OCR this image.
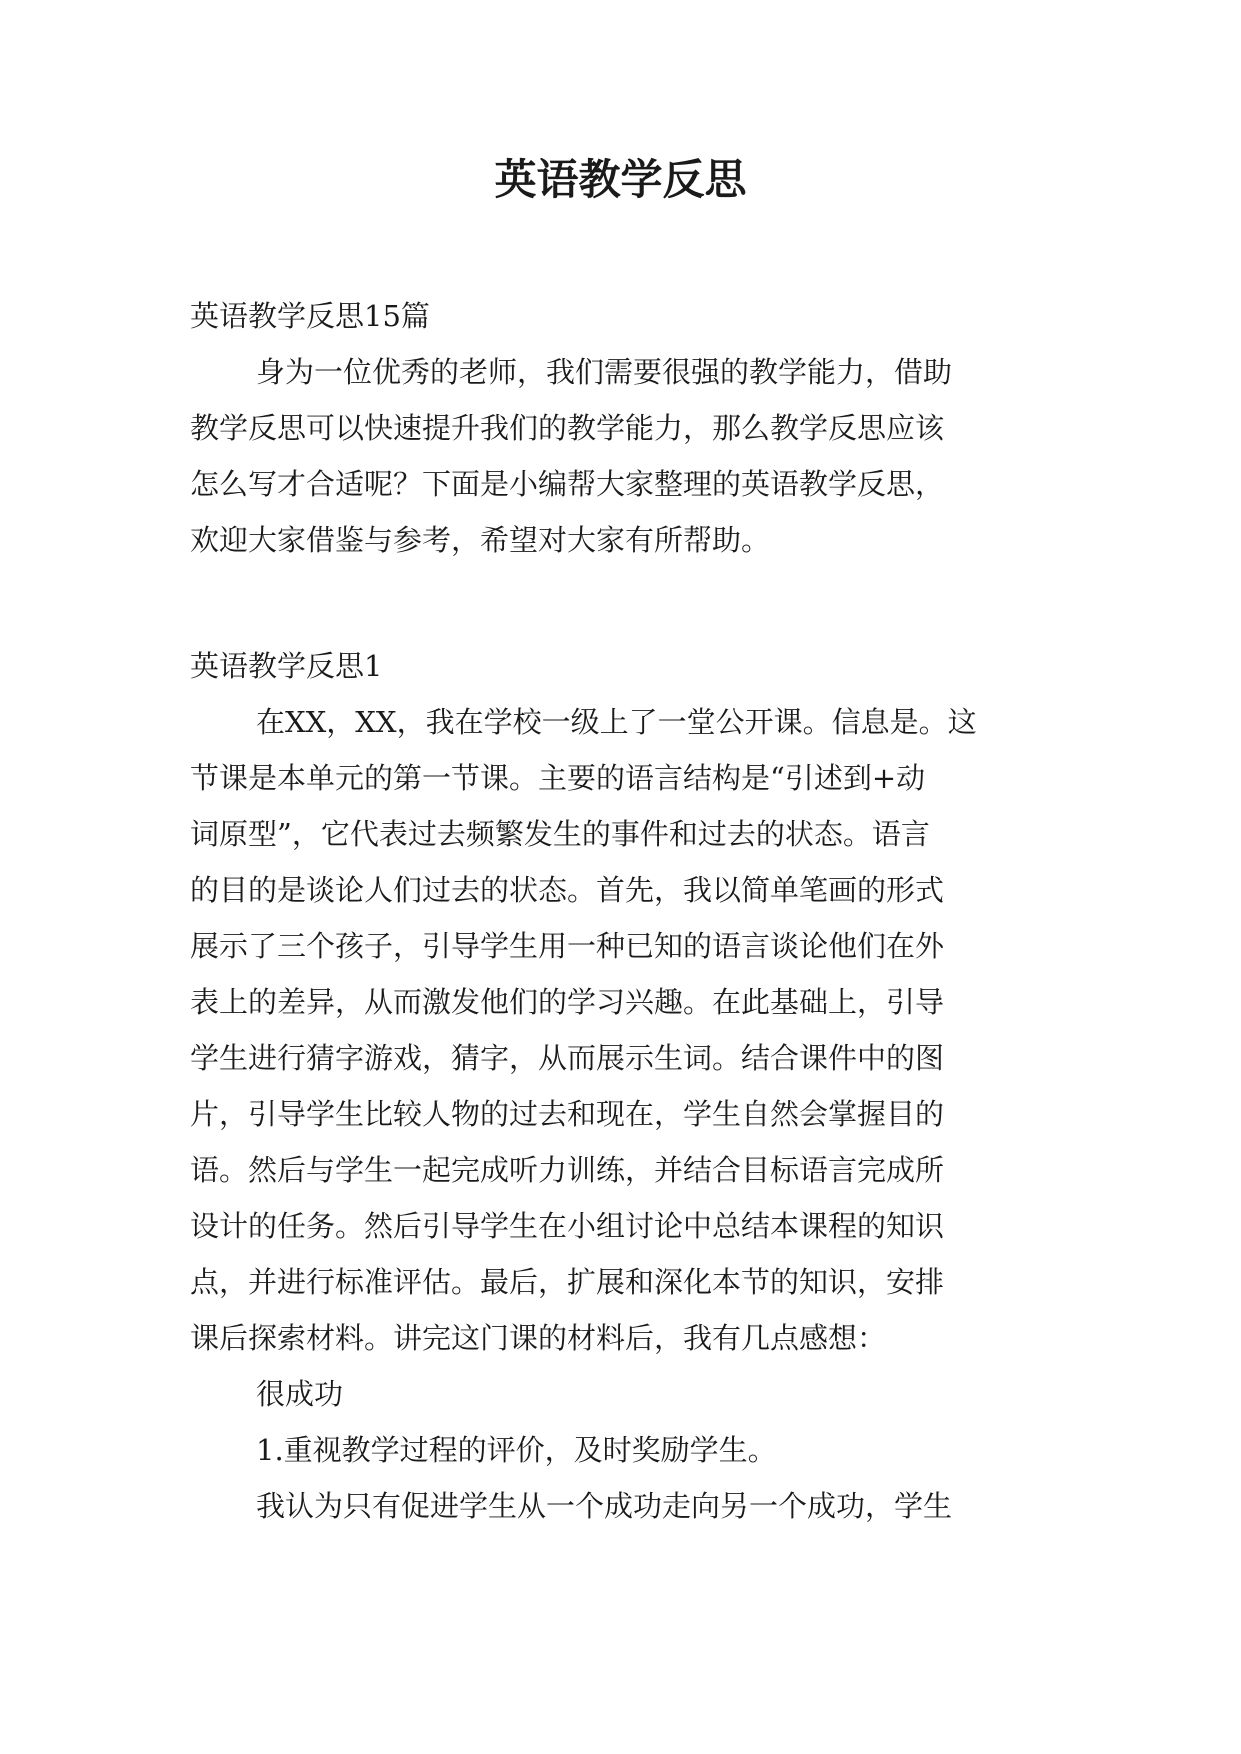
英语教学反思

英语教学反思15篇

身为一位优秀的老师，我们需要很强的教学能力，借助

教学反思可以快速提升我们的教学能力，那么教学反思应该

怎么写才合适呢？下面是小编帮大家整理的英语教学反思，

欢迎大家借鉴与参考，希望对大家有所帮助。

英语教学反思1

在XX，XX，我在学校一级上了一堂公开课。信息是。这

节课是本单元的第一节课。主要的语言结构是“引述到+动

词原型”，它代表过去频繁发生的事件和过去的状态。语言

的目的是谈论人们过去的状态。首先，我以简单笔画的形式

展示了三个孩子，引导学生用一种已知的语言谈论他们在外

表上的差异，从而激发他们的学习兴趣。在此基础上，引导

学生进行猜字游戏，猜字，从而展示生词。结合课件中的图

片，引导学生比较人物的过去和现在，学生自然会掌握目的

语。然后与学生一起完成听力训练，并结合目标语言完成所

设计的任务。然后引导学生在小组讨论中总结本课程的知识

点，并进行标准评估。最后，扩展和深化本节的知识，安排

课后探索材料。讲完这门课的材料后，我有几点感想：

很成功

1.重视教学过程的评价，及时奖励学生。

我认为只有促进学生从一个成功走向另一个成功，学生
